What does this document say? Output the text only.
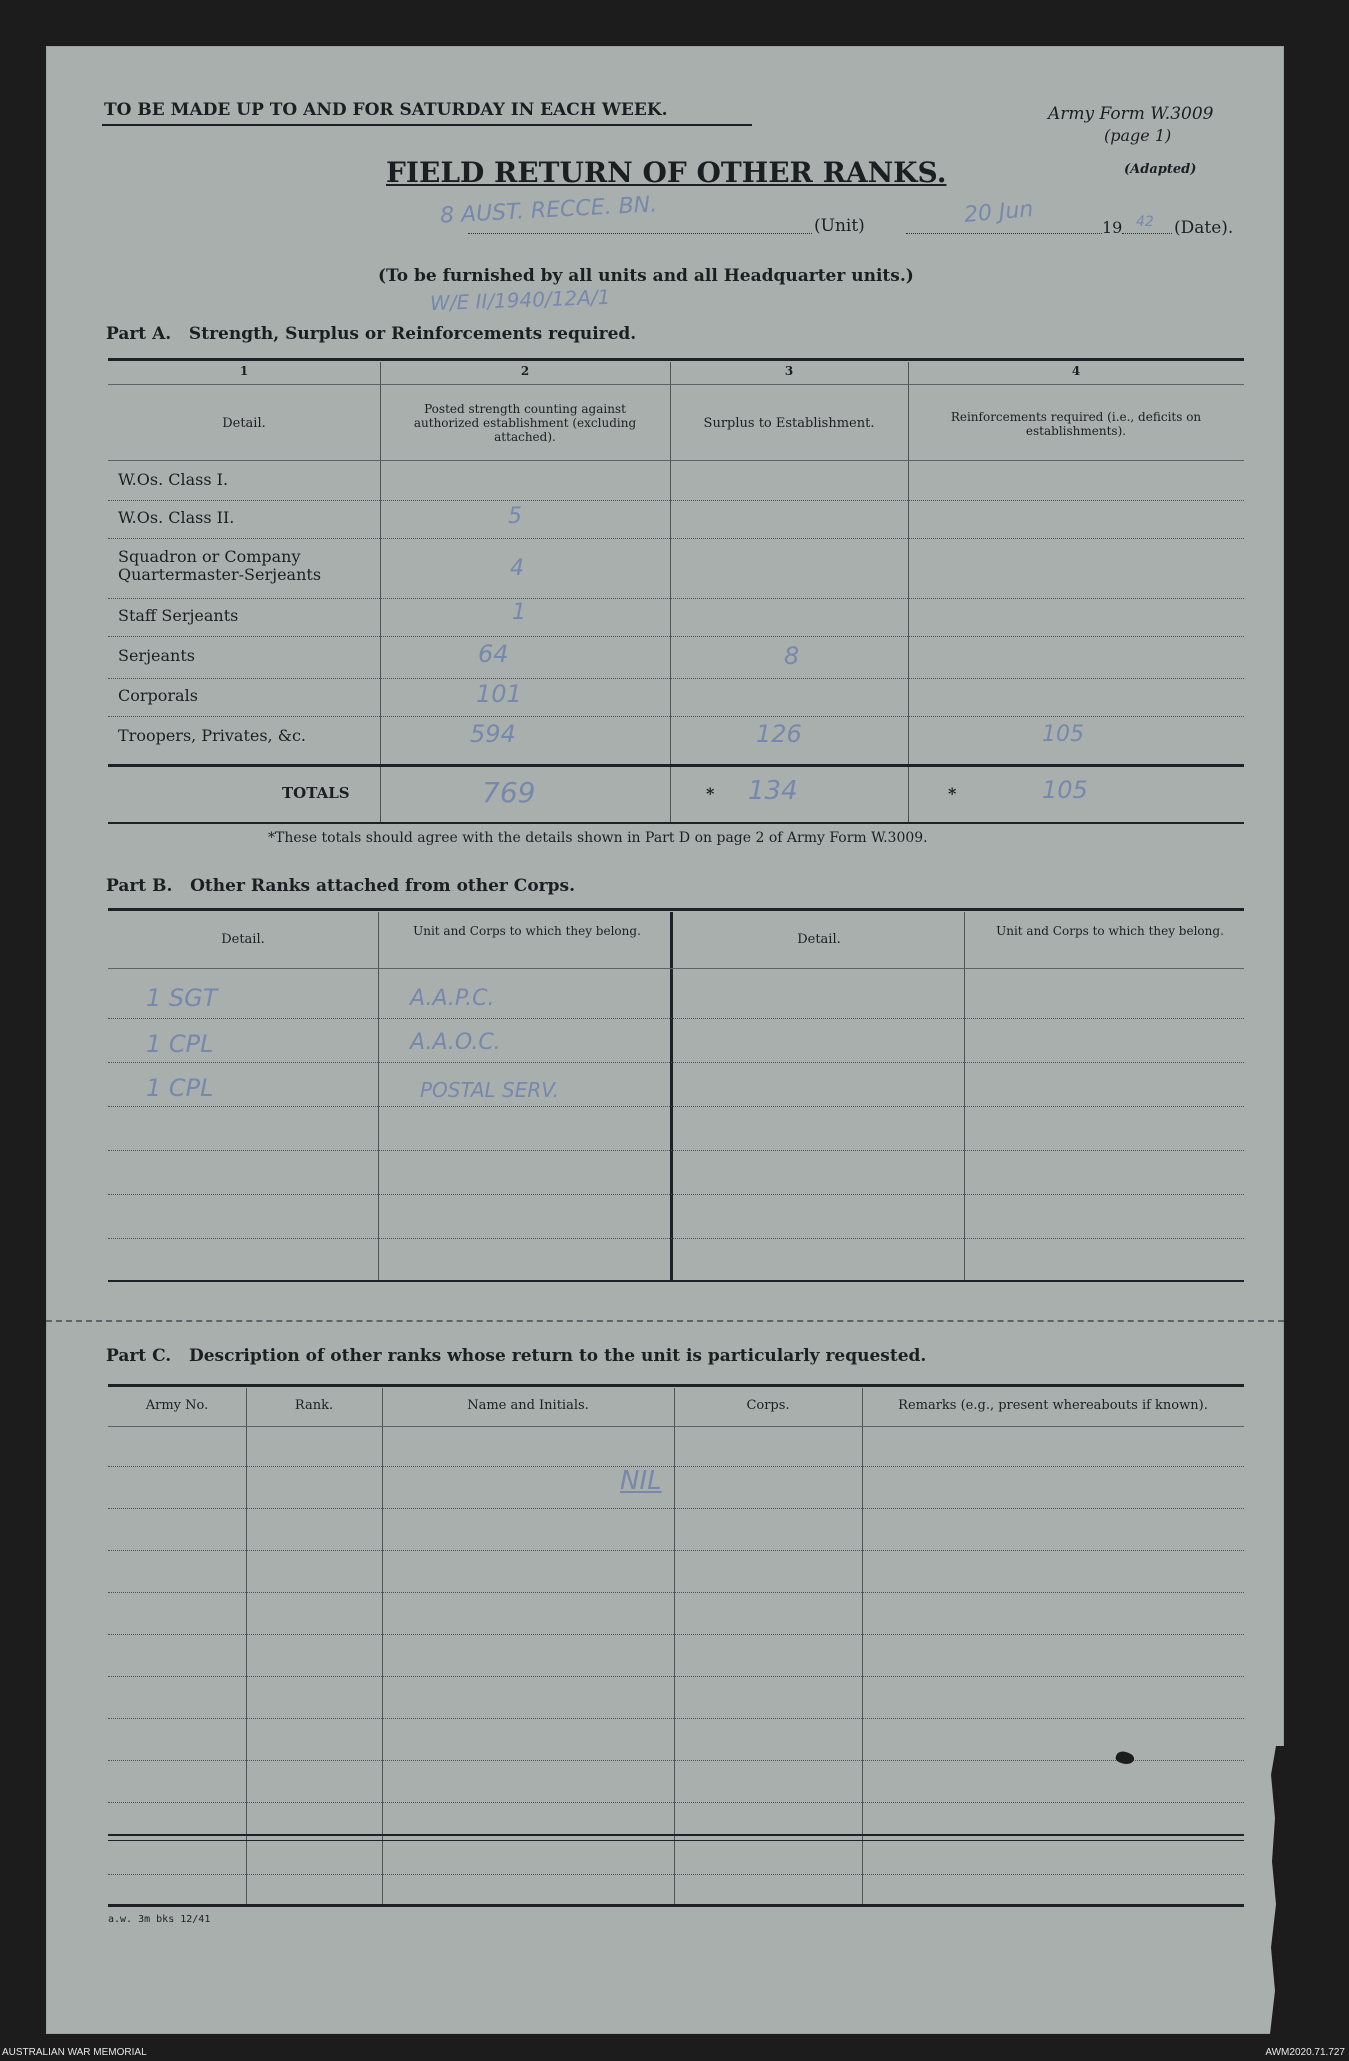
TO BE MADE UP TO AND FOR SATURDAY IN EACH WEEK.	Army Form W.3009
(page 1)
(Adapted)
FIELD RETURN OF OTHER RANKS.
(Unit)	19	(Date).
8 AUST. RECCE. BN.	20 Jun	42
(To be furnished by all units and all Headquarter units.)
W/E II/1940/12A/1
Part A.   Strength, Surplus or Reinforcements required.
1	2	3	4
Detail.
Posted strength counting against authorized establishment (excluding attached).
Surplus to Establishment.	Reinforcements required (i.e., deficits on establishments).
W.Os. Class I.
W.Os. Class II.	5
Squadron or Company Quartermaster-Serjeants	4
Staff Serjeants	1
Serjeants	64	8
Corporals	101
Troopers, Privates, &c.	594	126	105
TOTALS	769	* 134	*	105
*These totals should agree with the details shown in Part D on page 2 of Army Form W.3009.
Part B.   Other Ranks attached from other Corps.
Detail.
Unit and Corps to which they belong.
Detail.
Unit and Corps to which they belong.
1 SGT	A.A.P.C.
1 CPL	A.A.O.C.
1 CPL	POSTAL SERV.
Part C.   Description of other ranks whose return to the unit is particularly requested.
Army No.	Rank.	Name and Initials.	Corps.	Remarks (e.g., present whereabouts if known).
NIL
a.w. 3m bks 12/41
AUSTRALIAN WAR MEMORIAL	AWM2020.71.727
